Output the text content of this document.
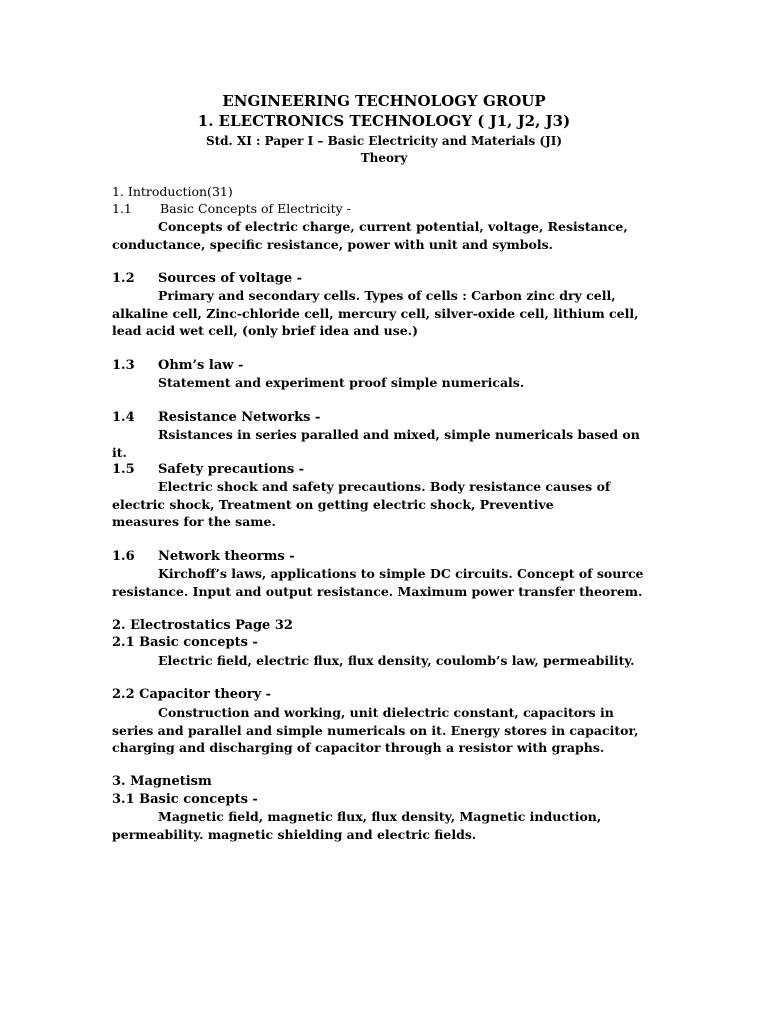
ENGINEERING TECHNOLOGY GROUP
1. ELECTRONICS TECHNOLOGY ( J1, J2, J3)
Std. XI : Paper I – Basic Electricity and Materials (JI)
Theory
1. Introduction(31)
1.1 Basic Concepts of Electricity -
Concepts of electric charge, current potential, voltage, Resistance, conductance, specific resistance, power with unit and symbols.
1.2 Sources of voltage -
Primary and secondary cells. Types of cells : Carbon zinc dry cell, alkaline cell, Zinc-chloride cell, mercury cell, silver-oxide cell, lithium cell, lead acid wet cell, (only brief idea and use.)
1.3 Ohm’s law -
Statement and experiment proof simple numericals.
1.4 Resistance Networks -
Rsistances in series paralled and mixed, simple numericals based on it.
1.5 Safety precautions -
Electric shock and safety precautions. Body resistance causes of electric shock, Treatment on getting electric shock, Preventive measures for the same.
1.6 Network theorms -
Kirchoff’s laws, applications to simple DC circuits. Concept of source resistance. Input and output resistance. Maximum power transfer theorem.
2. Electrostatics Page 32
2.1 Basic concepts -
Electric field, electric flux, flux density, coulomb’s law, permeability.
2.2 Capacitor theory -
Construction and working, unit dielectric constant, capacitors in series and parallel and simple numericals on it. Energy stores in capacitor, charging and discharging of capacitor through a resistor with graphs.
3. Magnetism
3.1 Basic concepts -
Magnetic field, magnetic flux, flux density, Magnetic induction, permeability. magnetic shielding and electric fields.
